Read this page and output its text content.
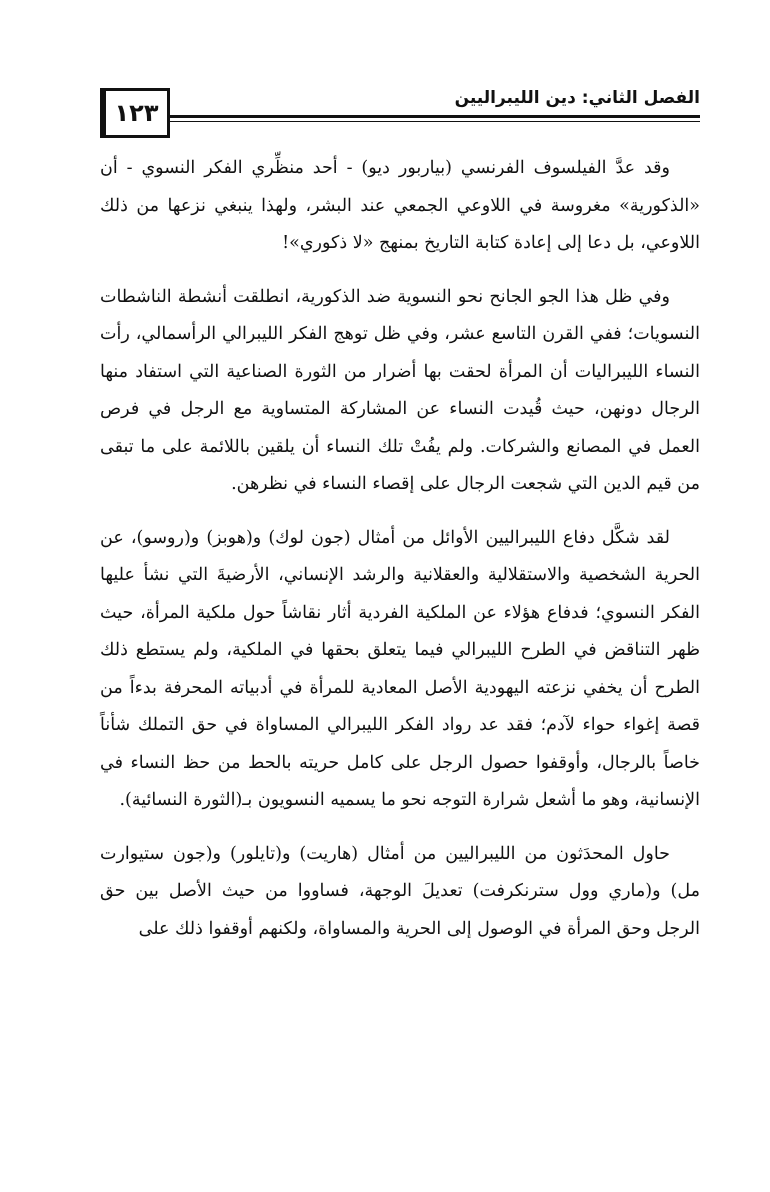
١٢٣
الفصل الثاني: دين الليبراليين

وقد عدَّ الفيلسوف الفرنسي (بياربور ديو) - أحد منظِّري الفكر النسوي - أن «الذكورية» مغروسة في اللاوعي الجمعي عند البشر، ولهذا ينبغي نزعها من ذلك اللاوعي، بل دعا إلى إعادة كتابة التاريخ بمنهج «لا ذكوري»!

وفي ظل هذا الجو الجانح نحو النسوية ضد الذكورية، انطلقت أنشطة الناشطات النسويات؛ ففي القرن التاسع عشر، وفي ظل توهج الفكر الليبرالي الرأسمالي، رأت النساء الليبراليات أن المرأة لحقت بها أضرار من الثورة الصناعية التي استفاد منها الرجال دونهن، حيث قُيدت النساء عن المشاركة المتساوية مع الرجل في فرص العمل في المصانع والشركات. ولم يفُتْ تلك النساء أن يلقين باللائمة على ما تبقى من قيم الدين التي شجعت الرجال على إقصاء النساء في نظرهن.

لقد شكَّل دفاع الليبراليين الأوائل من أمثال (جون لوك) و(هوبز) و(روسو)، عن الحرية الشخصية والاستقلالية والعقلانية والرشد الإنساني، الأرضيةَ التي نشأ عليها الفكر النسوي؛ فدفاع هؤلاء عن الملكية الفردية أثار نقاشاً حول ملكية المرأة، حيث ظهر التناقض في الطرح الليبرالي فيما يتعلق بحقها في الملكية، ولم يستطع ذلك الطرح أن يخفي نزعته اليهودية الأصل المعادية للمرأة في أدبياته المحرفة بدءاً من قصة إغواء حواء لآدم؛ فقد عد رواد الفكر الليبرالي المساواة في حق التملك شأناً خاصاً بالرجال، وأوقفوا حصول الرجل على كامل حريته بالحط من حظ النساء في الإنسانية، وهو ما أشعل شرارة التوجه نحو ما يسميه النسويون بـ(الثورة النسائية).

حاول المحدَثون من الليبراليين من أمثال (هاريت) و(تايلور) و(جون ستيوارت مل) و(ماري وول سترنكرفت) تعديلَ الوجهة، فساووا من حيث الأصل بين حق الرجل وحق المرأة في الوصول إلى الحرية والمساواة، ولكنهم أوقفوا ذلك على
